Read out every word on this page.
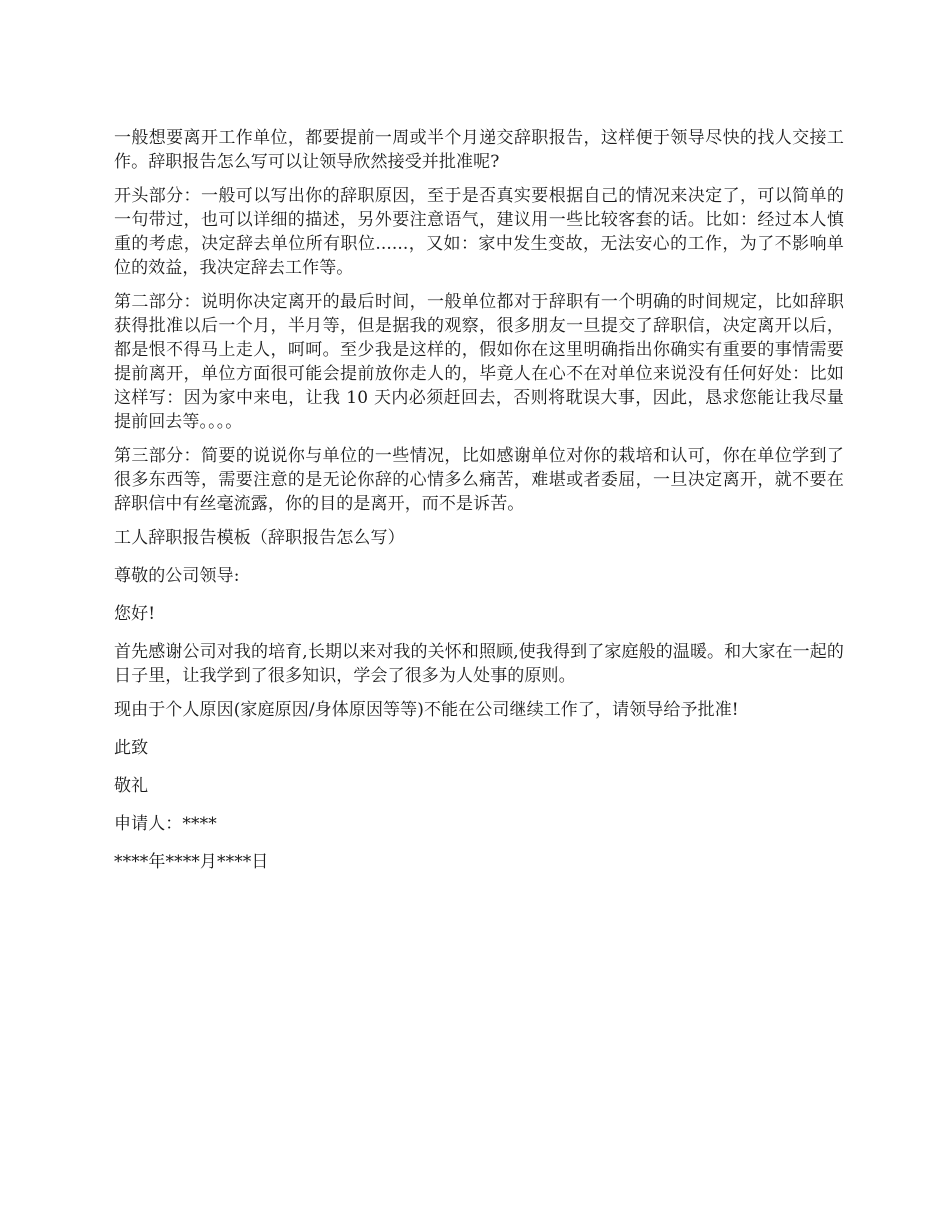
一般想要离开工作单位，都要提前一周或半个月递交辞职报告，这样便于领导尽快的找人交接工作。辞职报告怎么写可以让领导欣然接受并批准呢?

开头部分：一般可以写出你的辞职原因，至于是否真实要根据自己的情况来决定了，可以简单的一句带过，也可以详细的描述，另外要注意语气，建议用一些比较客套的话。比如：经过本人慎重的考虑，决定辞去单位所有职位......，又如：家中发生变故，无法安心的工作，为了不影响单位的效益，我决定辞去工作等。

第二部分：说明你决定离开的最后时间，一般单位都对于辞职有一个明确的时间规定，比如辞职获得批准以后一个月，半月等，但是据我的观察，很多朋友一旦提交了辞职信，决定离开以后，都是恨不得马上走人，呵呵。至少我是这样的，假如你在这里明确指出你确实有重要的事情需要提前离开，单位方面很可能会提前放你走人的，毕竟人在心不在对单位来说没有任何好处：比如这样写：因为家中来电，让我 10 天内必须赶回去，否则将耽误大事，因此，恳求您能让我尽量提前回去等。。。。

第三部分：简要的说说你与单位的一些情况，比如感谢单位对你的栽培和认可，你在单位学到了很多东西等，需要注意的是无论你辞的心情多么痛苦，难堪或者委屈，一旦决定离开，就不要在辞职信中有丝毫流露，你的目的是离开，而不是诉苦。

工人辞职报告模板（辞职报告怎么写）

尊敬的公司领导:

您好!

首先感谢公司对我的培育,长期以来对我的关怀和照顾,使我得到了家庭般的温暖。和大家在一起的日子里，让我学到了很多知识，学会了很多为人处事的原则。

现由于个人原因(家庭原因/身体原因等等)不能在公司继续工作了，请领导给予批准!

此致

敬礼

申请人：****

****年****月****日
